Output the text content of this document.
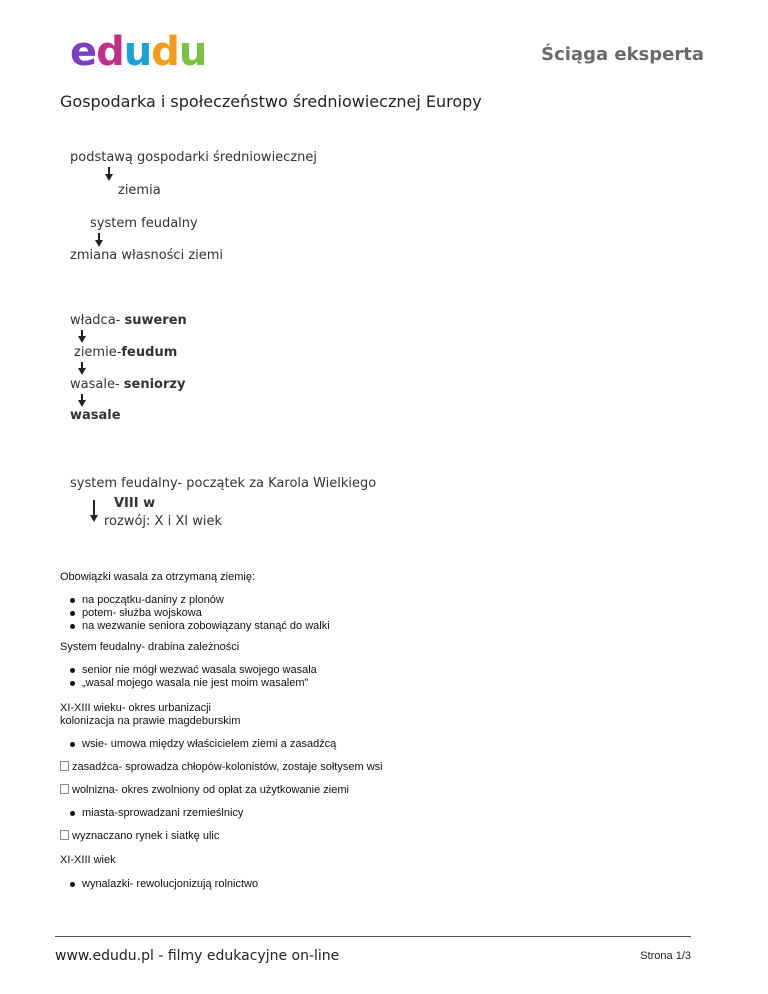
edudu	Ściąga eksperta
Gospodarka i społeczeństwo średniowiecznej Europy
podstawą gospodarki średniowiecznej
ziemia
system feudalny
zmiana własności ziemi
władca- suweren
ziemie-feudum
wasale- seniorzy
wasale
system feudalny- początek za Karola Wielkiego
VIII w
rozwój: X i XI wiek
Obowiązki wasala za otrzymaną ziemię:
na początku-daniny z plonów
potem- służba wojskowa
na wezwanie seniora zobowiązany stanąć do walki
System feudalny- drabina zależności
senior nie mógł wezwać wasala swojego wasala
„wasal mojego wasala nie jest moim wasalem”
XI-XIII wieku- okres urbanizacji
kolonizacja na prawie magdeburskim
wsie- umowa między właścicielem ziemi a zasadźcą
zasadźca- sprowadza chłopów-kolonistów, zostaje sołtysem wsi
wolnizna- okres zwolniony od opłat za użytkowanie ziemi
miasta-sprowadzani rzemieślnicy
wyznaczano rynek i siatkę ulic
XI-XIII wiek
wynalazki- rewolucjonizują rolnictwo
www.edudu.pl - filmy edukacyjne on-line	Strona 1/3
